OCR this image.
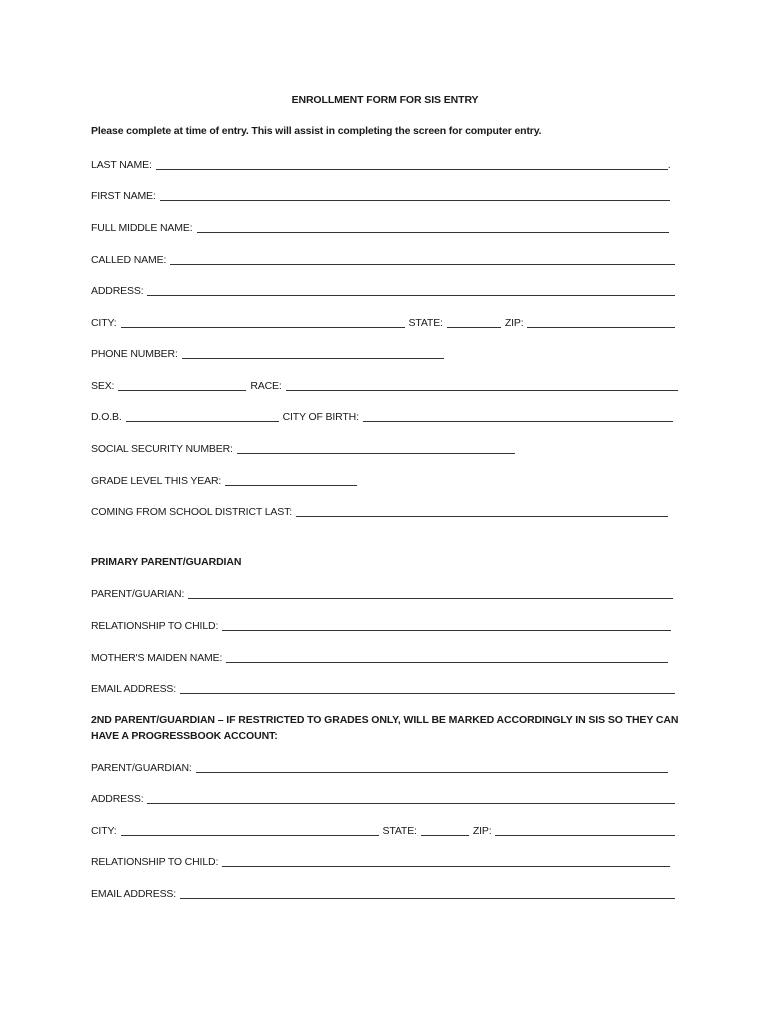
ENROLLMENT FORM FOR SIS ENTRY
Please complete at time of entry. This will assist in completing the screen for computer entry.
LAST NAME:	.
FIRST NAME:
FULL MIDDLE NAME:
CALLED NAME:
ADDRESS:
CITY:	STATE:	ZIP:
PHONE NUMBER:
SEX:	RACE:
D.O.B.	CITY OF BIRTH:
SOCIAL SECURITY NUMBER:
GRADE LEVEL THIS YEAR:
COMING FROM SCHOOL DISTRICT LAST:
PRIMARY PARENT/GUARDIAN
PARENT/GUARIAN:
RELATIONSHIP TO CHILD:
MOTHER'S MAIDEN NAME:
EMAIL ADDRESS:
2ND PARENT/GUARDIAN – IF RESTRICTED TO GRADES ONLY, WILL BE MARKED ACCORDINGLY IN SIS SO THEY CAN HAVE A PROGRESSBOOK ACCOUNT:
PARENT/GUARDIAN:
ADDRESS:
CITY:	STATE:	ZIP:
RELATIONSHIP TO CHILD:
EMAIL ADDRESS:
